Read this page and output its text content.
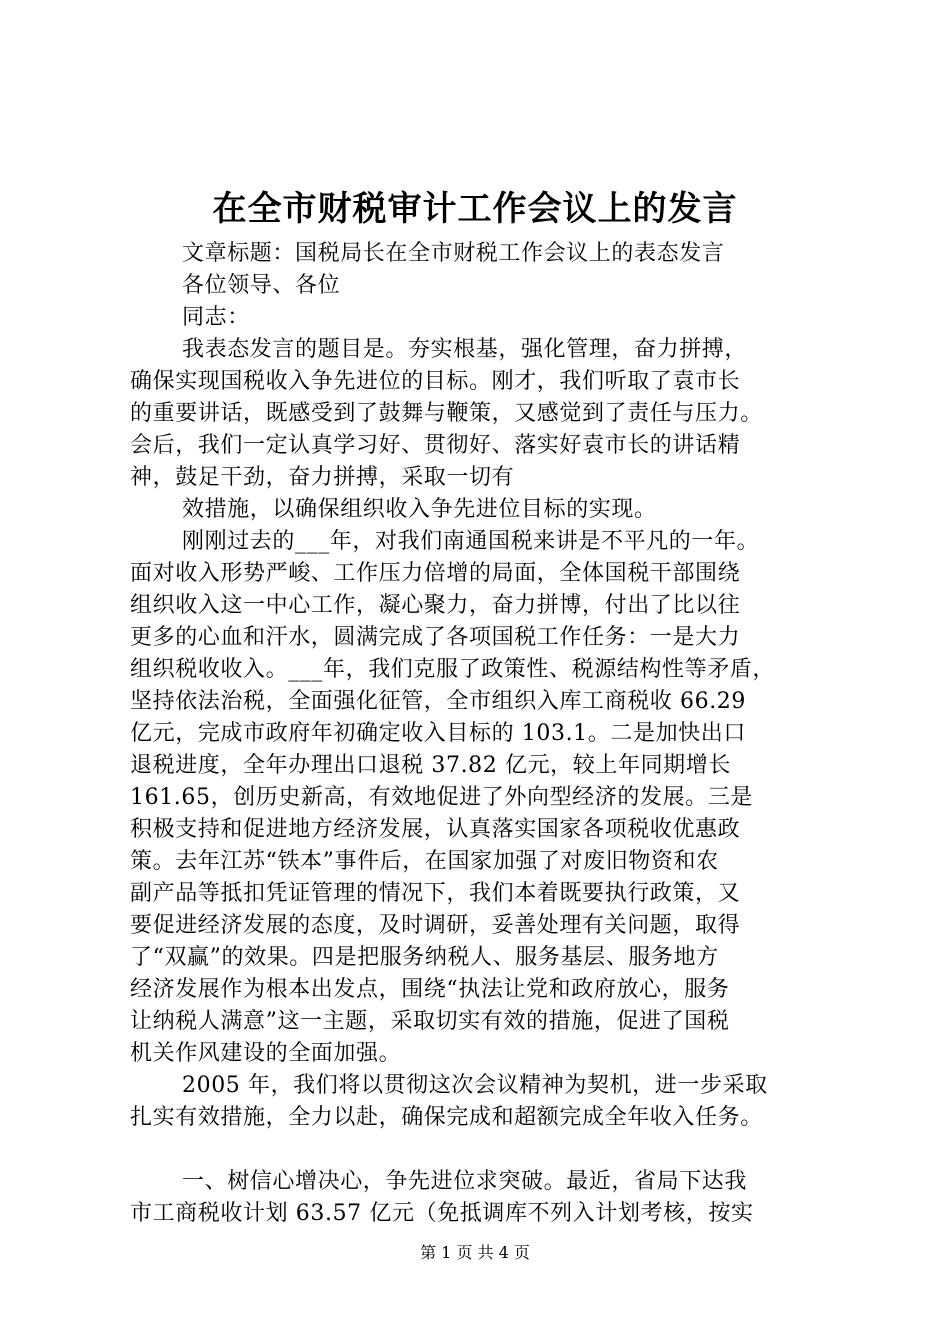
在全市财税审计工作会议上的发言
文章标题：国税局长在全市财税工作会议上的表态发言
各位领导、各位
同志：
我表态发言的题目是。夯实根基，强化管理，奋力拼搏，
确保实现国税收入争先进位的目标。刚才，我们听取了袁市长
的重要讲话，既感受到了鼓舞与鞭策，又感觉到了责任与压力。
会后，我们一定认真学习好、贯彻好、落实好袁市长的讲话精
神，鼓足干劲，奋力拼搏，采取一切有
效措施，以确保组织收入争先进位目标的实现。
刚刚过去的___年，对我们南通国税来讲是不平凡的一年。
面对收入形势严峻、工作压力倍增的局面，全体国税干部围绕
组织收入这一中心工作，凝心聚力，奋力拼博，付出了比以往
更多的心血和汗水，圆满完成了各项国税工作任务：一是大力
组织税收收入。___年，我们克服了政策性、税源结构性等矛盾，
坚持依法治税，全面强化征管，全市组织入库工商税收 66.29
亿元，完成市政府年初确定收入目标的 103.1。二是加快出口
退税进度，全年办理出口退税 37.82 亿元，较上年同期增长
161.65，创历史新高，有效地促进了外向型经济的发展。三是
积极支持和促进地方经济发展，认真落实国家各项税收优惠政
策。去年江苏“铁本”事件后，在国家加强了对废旧物资和农
副产品等抵扣凭证管理的情况下，我们本着既要执行政策，又
要促进经济发展的态度，及时调研，妥善处理有关问题，取得
了“双赢”的效果。四是把服务纳税人、服务基层、服务地方
经济发展作为根本出发点，围绕“执法让党和政府放心，服务
让纳税人满意”这一主题，采取切实有效的措施，促进了国税
机关作风建设的全面加强。
2005 年，我们将以贯彻这次会议精神为契机，进一步采取
扎实有效措施，全力以赴，确保完成和超额完成全年收入任务。
一、树信心增决心，争先进位求突破。最近，省局下达我
市工商税收计划 63.57 亿元（免抵调库不列入计划考核，按实
第 1 页 共 4 页
